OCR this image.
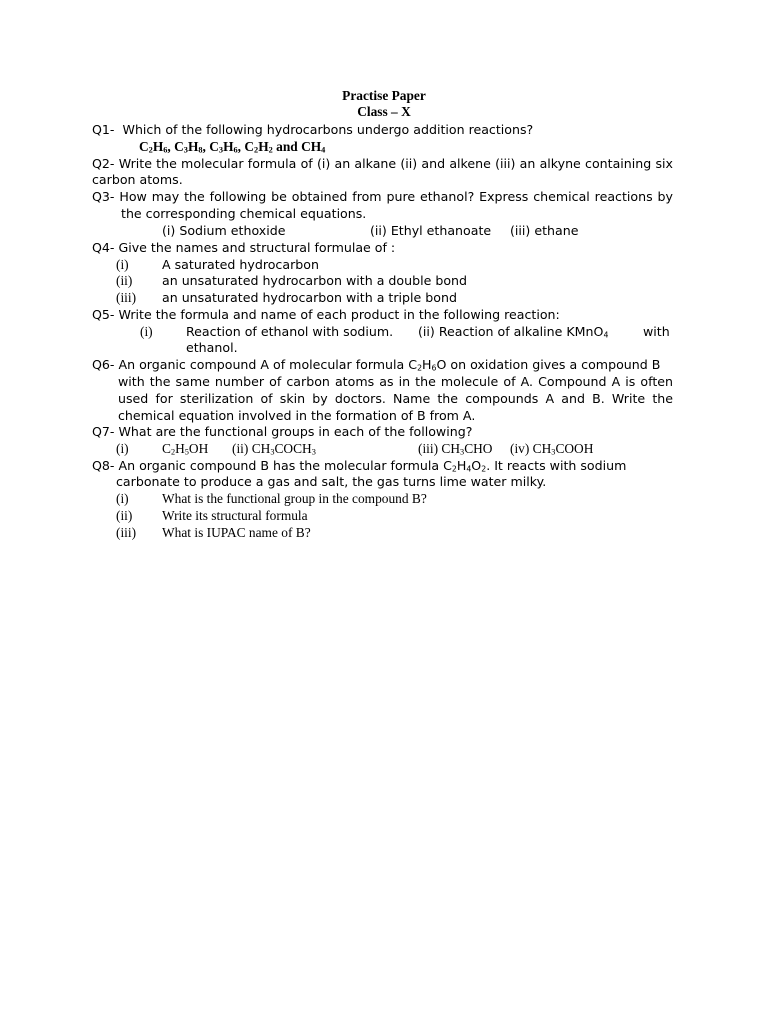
Practise Paper
Class – X
Q1- Which of the following hydrocarbons undergo addition reactions?
$C_2H_6$, $C_3H_8$, $C_3H_6$, $C_2H_2$ and $CH_4$
Q2- Write the molecular formula of (i) an alkane (ii) and alkene (iii) an alkyne containing six
carbon atoms.
Q3- How may the following be obtained from pure ethanol? Express chemical reactions by
the corresponding chemical equations.
(i) Sodium ethoxide	(ii) Ethyl ethanoate (iii) ethane
Q4- Give the names and structural formulae of :
(i)	A saturated hydrocarbon
(ii) an unsaturated hydrocarbon with a double bond
(iii) an unsaturated hydrocarbon with a triple bond
Q5- Write the formula and name of each product in the following reaction:
(i)	Reaction of ethanol with sodium. (ii) Reaction of alkaline KMnO$_4$	with
ethanol.
Q6- An organic compound A of molecular formula $C_2H_6O$ on oxidation gives a compound B
with the same number of carbon atoms as in the molecule of A. Compound A is often
used for sterilization of skin by doctors. Name the compounds A and B. Write the
chemical equation involved in the formation of B from A.
Q7- What are the functional groups in each of the following?
(i) $C_2H_5OH$ (ii) $CH_3COCH_3$	(iii) $CH_3CHO$ (iv) $CH_3COOH$
Q8- An organic compound B has the molecular formula $C_2H_4O_2$. It reacts with sodium
carbonate to produce a gas and salt, the gas turns lime water milky.
(i) What is the functional group in the compound B?
(ii) Write its structural formula
(iii) What is IUPAC name of B?
